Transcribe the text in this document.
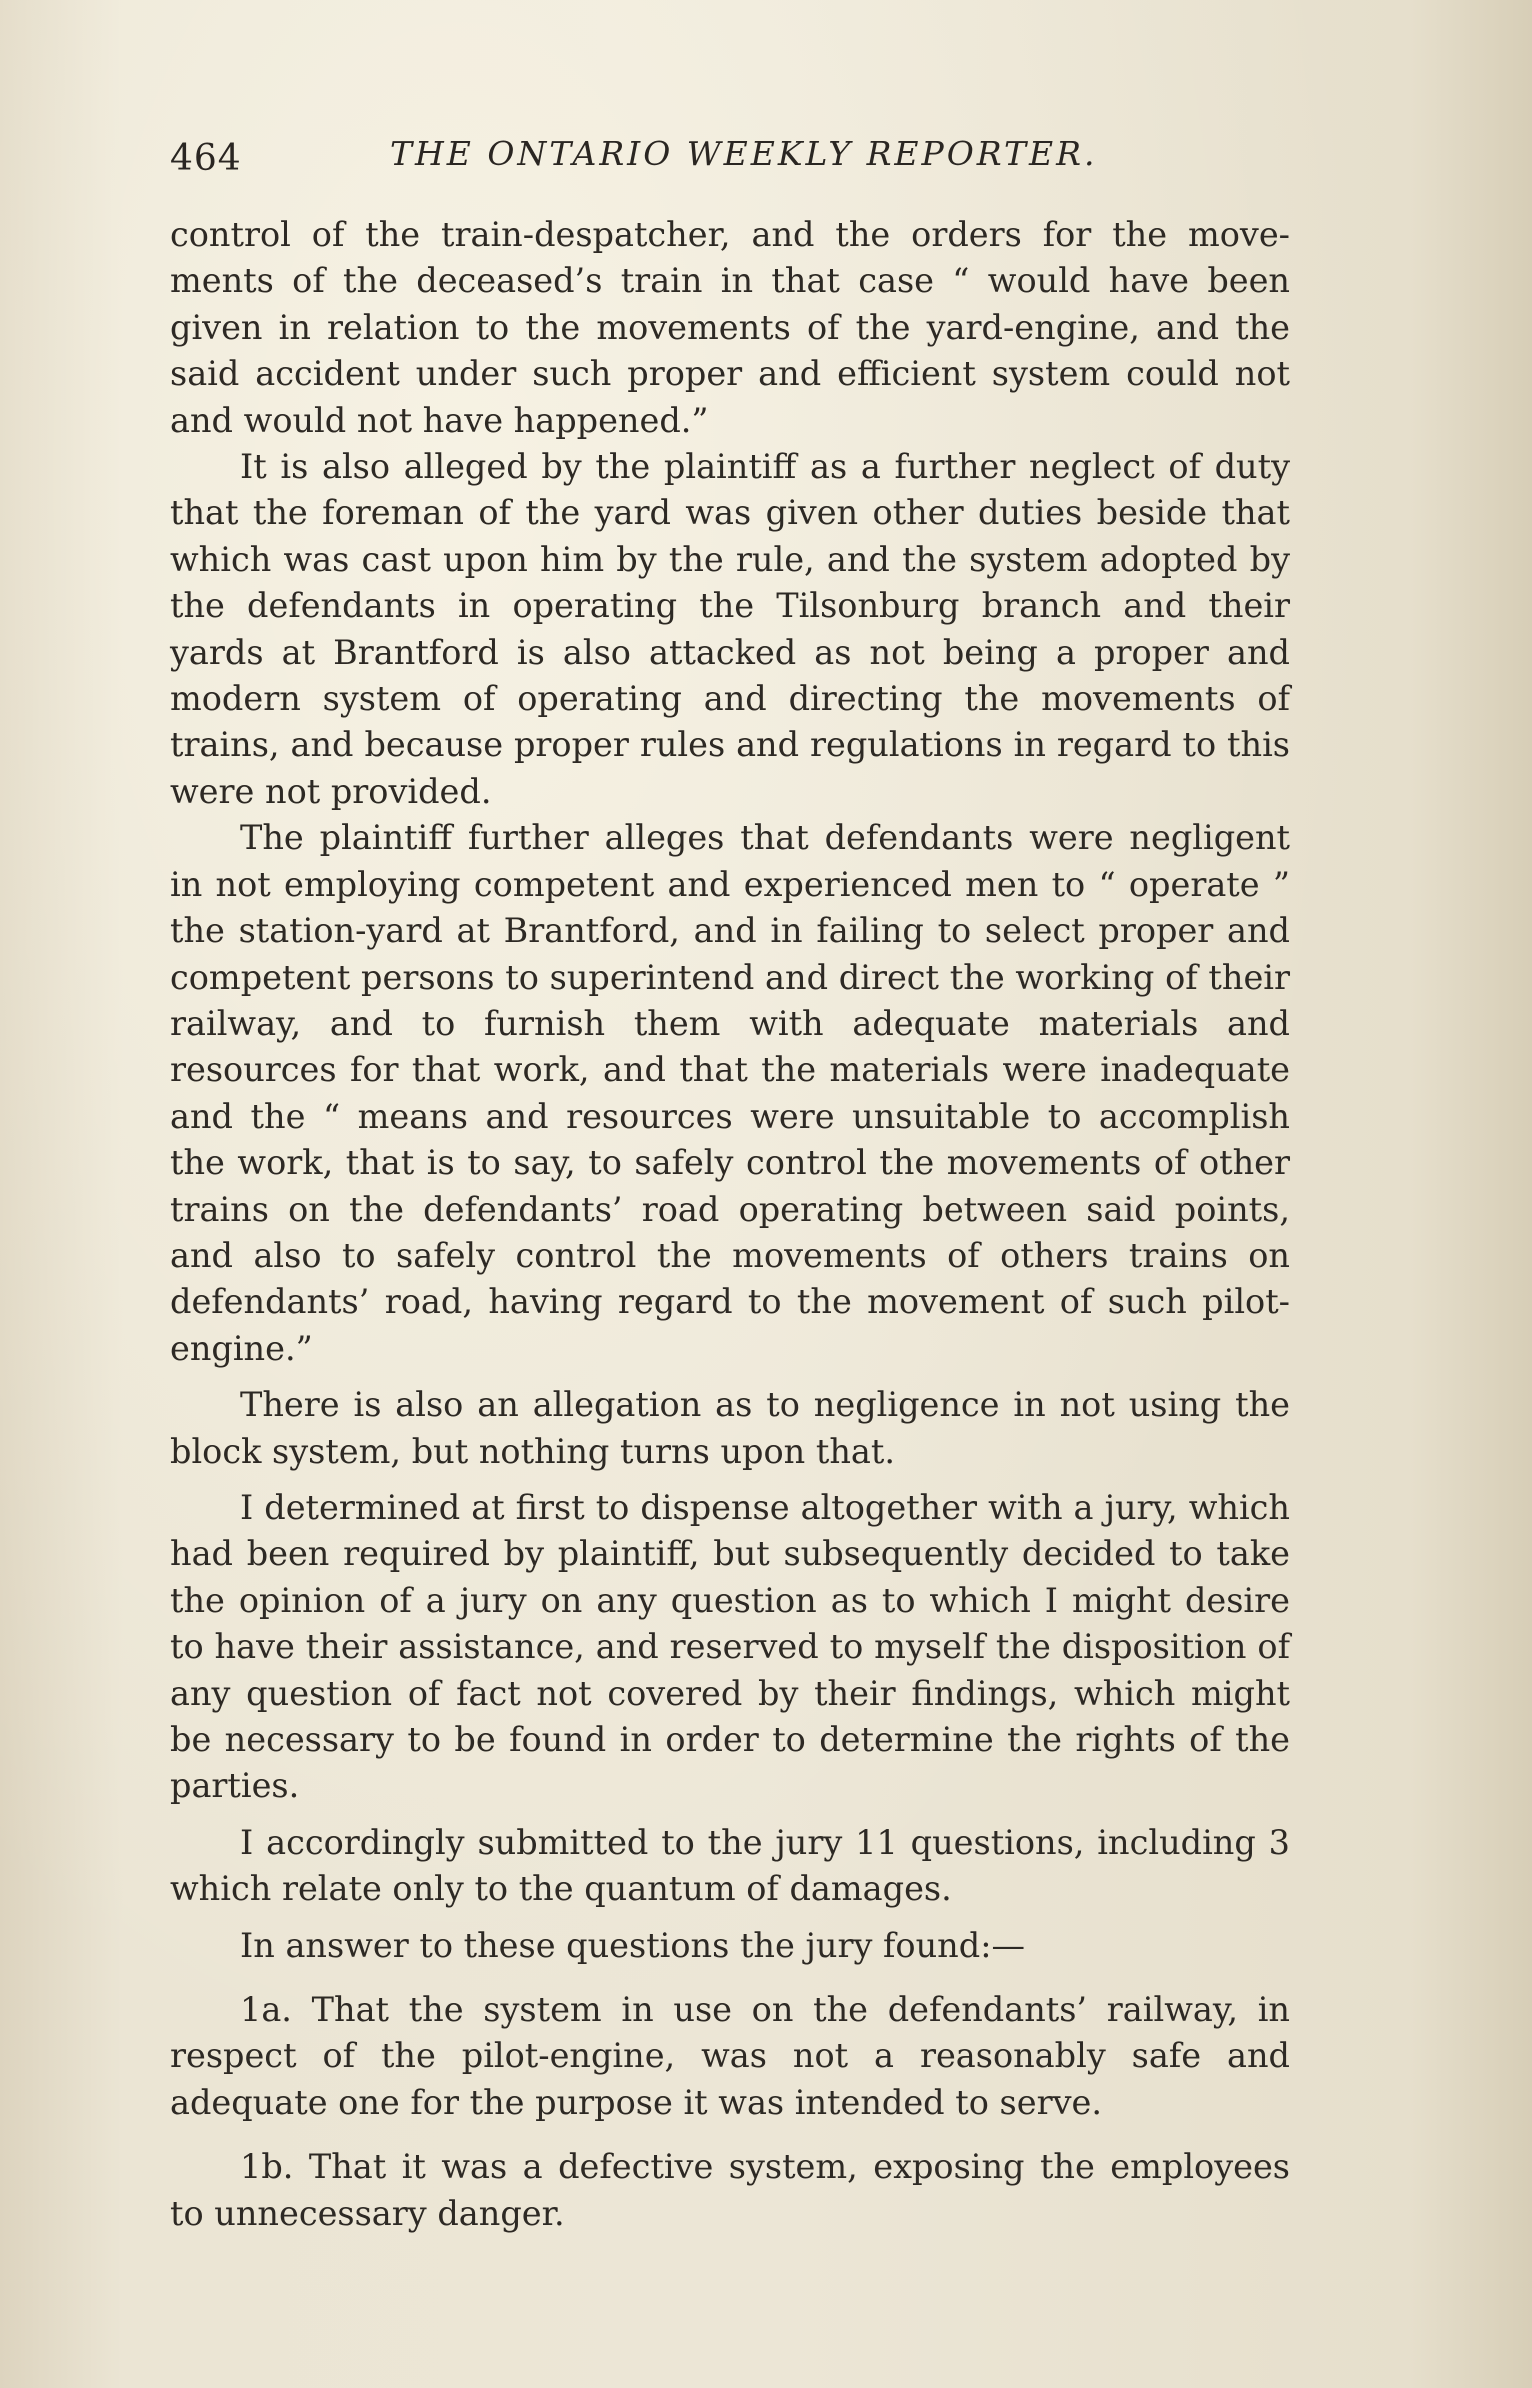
464	THE ONTARIO WEEKLY REPORTER.

control of the train-despatcher, and the orders for the movements of the deceased’s train in that case “ would have been given in relation to the movements of the yard-engine, and the said accident under such proper and efficient system could not and would not have happened.”

It is also alleged by the plaintiff as a further neglect of duty that the foreman of the yard was given other duties beside that which was cast upon him by the rule, and the system adopted by the defendants in operating the Tilsonburg branch and their yards at Brantford is also attacked as not being a proper and modern system of operating and directing the movements of trains, and because proper rules and regulations in regard to this were not provided.

The plaintiff further alleges that defendants were negligent in not employing competent and experienced men to “ operate ” the station-yard at Brantford, and in failing to select proper and competent persons to superintend and direct the working of their railway, and to furnish them with adequate materials and resources for that work, and that the materials were inadequate and the “ means and resources were unsuitable to accomplish the work, that is to say, to safely control the movements of other trains on the defendants’ road operating between said points, and also to safely control the movements of others trains on defendants’ road, having regard to the movement of such pilot-engine.”

There is also an allegation as to negligence in not using the block system, but nothing turns upon that.

I determined at first to dispense altogether with a jury, which had been required by plaintiff, but subsequently decided to take the opinion of a jury on any question as to which I might desire to have their assistance, and reserved to myself the disposition of any question of fact not covered by their findings, which might be necessary to be found in order to determine the rights of the parties.

I accordingly submitted to the jury 11 questions, including 3 which relate only to the quantum of damages.

In answer to these questions the jury found:—

1a. That the system in use on the defendants’ railway, in respect of the pilot-engine, was not a reasonably safe and adequate one for the purpose it was intended to serve.

1b. That it was a defective system, exposing the employees to unnecessary danger.
